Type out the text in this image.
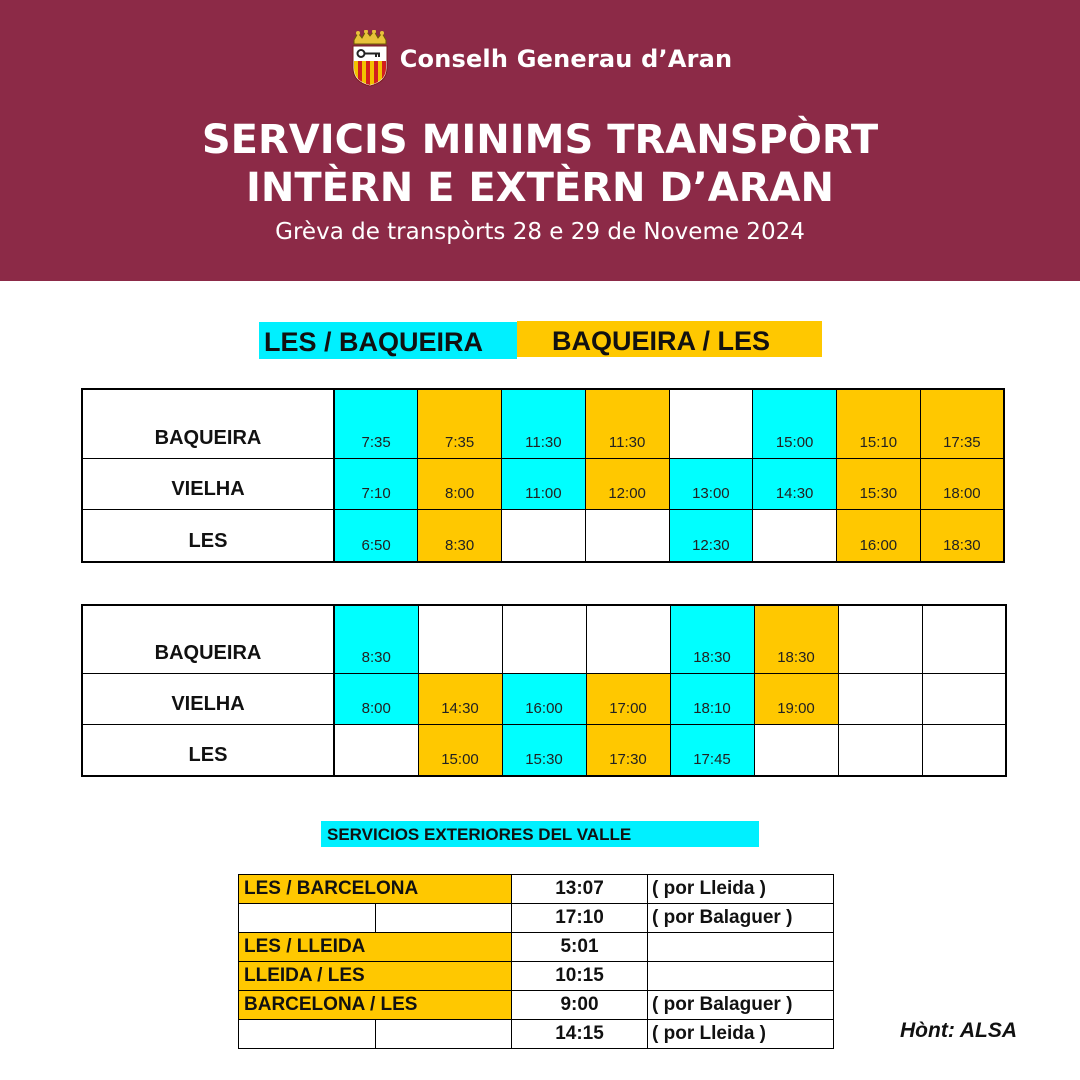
Conselh Generau d’Aran
SERVICIS MINIMS TRANSPÒRT
INTÈRN E EXTÈRN D’ARAN
Grèva de transpòrts 28 e 29 de Noveme 2024
LES / BAQUEIRA	BAQUEIRA / LES
BAQUEIRA	7:35	7:35	11:30	11:30		15:00	15:10	17:35
VIELHA	7:10	8:00	11:00	12:00	13:00	14:30	15:30	18:00
LES	6:50	8:30			12:30		16:00	18:30
BAQUEIRA	8:30				18:30	18:30		
VIELHA	8:00	14:30	16:00	17:00	18:10	19:00		
LES		15:00	15:30	17:30	17:45			
SERVICIOS EXTERIORES DEL VALLE
LES / BARCELONA		13:07	( por Lleida )
		17:10	( por Balaguer )
LES / LLEIDA		5:01	
LLEIDA / LES		10:15	
BARCELONA / LES		9:00	( por Balaguer )
		14:15	( por Lleida )	Hònt: ALSA
